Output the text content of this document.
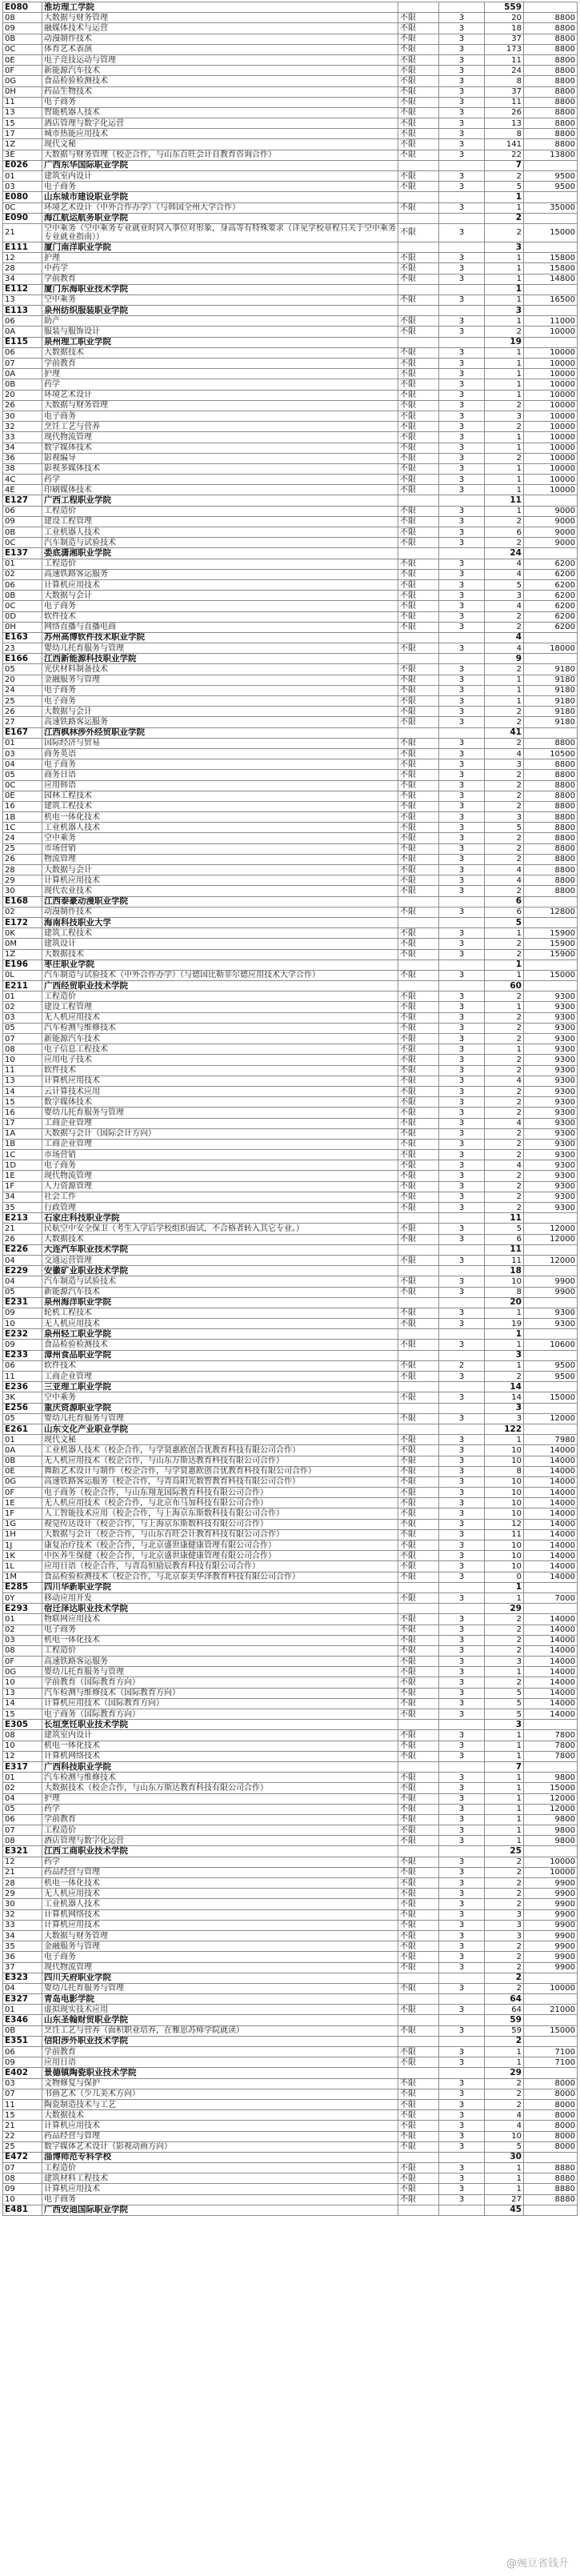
E080	淮坊理工学院			559	
08	大数据与财务管理	不限	3	20	8800
09	融媒体技术与运营	不限	3	18	8800
0B	动漫制作技术	不限	3	37	8800
0C	体育艺术表演	不限	3	173	8800
0E	电子竞技运动与管理	不限	3	11	8800
0F	新能源汽车技术	不限	3	24	8800
0G	食品检验检测技术	不限	3	8	8800
0H	药品生物技术	不限	3	37	8800
11	电子商务	不限	3	11	8800
13	智能机器人技术	不限	3	26	8800
15	酒店管理与数字化运营	不限	3	13	8800
17	城市热能应用技术	不限	3	8	8800
1Z	现代文秘	不限	3	141	8800
3E	大数据与财务管理（校企合作，与山东百旺会计自教育咨询合作）	不限	3	22	13800
E026	广西东华国际职业学院			7	
01	建筑室内设计	不限	3	2	9500
03	电子商务	不限	3	5	9500
E080	山东城市建设职业学院			1	
0C	环境艺术设计（中外合作办学）（与韩国全州大学合作）	不限	3	1	35000
E090	海江航运航务职业学院			2	
21	空中乘务（空中乘务专业就业时同入事位对形象，身高等有特殊要求（详见学校章程只关于空中乘务专业就业指南））	不限	3	2	15000
E111	厦门南洋职业学院			3	
12	护理	不限	3	1	15800
28	中药学	不限	3	1	15800
34	学前教育	不限	3	1	14800
E112	厦门东海职业技术学院			1	
13	空中乘务	不限	3	1	16500
E113	泉州纺织服装职业学院			3	
06	助产	不限	3	1	11000
0A	服装与服饰设计	不限	3	2	10000
E115	泉州理工职业学院			19	
06	大数据技术	不限	3	1	10000
07	学前教育	不限	3	1	10000
0A	护理	不限	3	1	10000
0B	药学	不限	3	1	10000
20	环境艺术设计	不限	3	1	10000
26	大数据与财务管理	不限	3	2	10000
30	电子商务	不限	3	3	10000
32	烹饪工艺与营养	不限	3	2	10000
33	现代物流管理	不限	3	1	10000
34	数字媒体技术	不限	3	1	10000
36	影视编导	不限	3	2	10000
38	影视多媒体技术	不限	3	1	10000
4C	药学	不限	3	1	10000
4E	印刷媒体技术	不限	3	1	10000
E127	广西工程职业学院			11	
06	工程造价	不限	3	1	9000
09	建设工程管理	不限	3	2	9000
0B	工业机器人技术	不限	3	6	9000
0C	汽车制造与试验技术	不限	3	2	9000
E137	娄底潇湘职业学院			24	
01	工程造价	不限	3	4	6200
02	高速铁路客运服务	不限	3	4	6200
06	计算机应用技术	不限	3	5	6200
0B	大数据与会计	不限	3	3	6200
0C	电子商务	不限	3	4	6200
0D	软件技术	不限	3	2	6200
0H	网络直播与直播电商	不限	3	2	6200
E163	苏州高博软件技术职业学院			4	
23	婴幼儿托育服务与管理	不限	3	4	18000
E166	江西新能源科技职业学院			9	
05	光伏材料制备技术	不限	3	2	9180
20	金融服务与管理	不限	3	1	9180
24	电子商务	不限	3	1	9180
25	电子商务	不限	3	1	9180
26	大数据与会计	不限	3	2	9180
27	高速铁路客运服务	不限	3	2	9180
E167	江西枫林涉外经贸职业学院			41	
01	国际经济与贸易	不限	3	2	8800
03	商务英语	不限	3	4	10500
04	电子商务	不限	3	3	8800
05	商务日语	不限	3	2	8800
0C	应用韩语	不限	3	2	8800
0E	园林工程技术	不限	3	2	8800
16	建筑工程技术	不限	3	2	8800
1B	机电一体化技术	不限	3	3	8800
1C	工业机器人技术	不限	3	5	8800
24	空中乘务	不限	3	2	8800
25	市场营销	不限	3	2	8800
26	物流管理	不限	3	2	8800
28	大数据与会计	不限	3	4	8800
29	计算机应用技术	不限	3	4	8800
30	现代农业技术	不限	3	2	8800
E168	江西泰豪动漫职业学院			6	
02	动漫制作技术	不限	3	6	12800
E172	海南科技职业大学			5	
0K	建筑工程技术	不限	3	1	15900
0M	建筑设计	不限	3	2	15900
1Z	大数据技术	不限	3	2	15900
E196	枣庄职业学院			1	
0L	汽车制造与试验技术（中外合作办学）（与德国比勒菲尔德应用技术大学合作）	不限	3	1	15000
E211	广西经贸职业技术学院			60	
01	工程造价	不限	3	2	9300
02	建设工程管理	不限	3	1	9300
03	无人机应用技术	不限	3	2	9300
05	汽车检测与维修技术	不限	3	2	9300
07	新能源汽车技术	不限	3	2	9300
08	电子信息工程技术	不限	3	1	9300
10	应用电子技术	不限	3	2	9300
11	软件技术	不限	3	2	9300
13	计算机应用技术	不限	3	4	9300
14	云计算技术应用	不限	3	2	9300
15	数字媒体技术	不限	3	2	9300
16	婴幼儿托育服务与管理	不限	3	2	9300
17	工商企业管理	不限	3	4	9300
1A	大数据与会计（国际会计方向）	不限	3	2	9300
1B	工商企业管理	不限	3	2	9300
1C	市场营销	不限	3	2	9300
1D	电子商务	不限	3	4	9300
1E	现代物流管理	不限	3	2	9300
1F	人力资源管理	不限	3	2	9300
34	社会工作	不限	3	2	9300
35	行政管理	不限	3	2	9300
E213	石家庄科技职业学院			11	
21	民航空中安全保卫（考生入学后学校组织面试，不合格者转入其它专业。）	不限	3	5	12000
26	大数据技术	不限	3	6	12000
E226	大连汽车职业技术学院			11	
04	交通运营管理	不限	3	11	12000
E229	安徽矿业职业技术学院			18	
04	汽车制造与试验技术	不限	3	10	9900
05	新能源汽车技术	不限	3	8	9900
E231	泉州海洋职业学院			20	
09	轮机工程技术	不限	3	1	9300
10	无人机应用技术	不限	3	19	9300
E232	泉州轻工职业学院			1	
09	食品检验检测技术	不限	3	1	10600
E233	漳州食品职业学院			3	
06	软件技术	不限	2	1	9500
11	工商企业管理	不限	3	2	9500
E236	三亚理工职业学院			14	
3K	空中乘务	不限	3	14	15000
E256	重庆资源职业学院			3	
05	婴幼儿托育服务与管理	不限	3	3	12000
E261	山东文化产业职业学院			122	
01	现代文秘	不限	3	1	7980
0A	工业机器人技术（校企合作，与学贤惠欧创合优教育科技有限公司合作）	不限	3	10	14000
0B	无人机应用技术（校企合作，与山东万斯达教育科技有限公司合作）	不限	3	10	14000
0E	舞蹈艺术设计与制作（校企合作，与学贤惠欧创合优教育科技有限公司合作）	不限	3	8	14000
0G	高速铁路客运服务（校企合作，与青岛阳光数智教育科技有限公司合作）	不限	3	10	14000
0F	电子商务（校企合作，与山东翔龙国际教育科技有限公司合作）	不限	3	10	14000
1E	无人机应用技术（校企合作，与北京布马加科技有限公司合作）	不限	3	10	14000
1F	人工智能技术应用（校企合作，与上海京东斯数科技有限公司合作）	不限	3	10	14000
1G	视觉传达设计（校企合作，与上海京东斯数科技有限公司合作）	不限	3	12	14000
1H	大数据与会计（校企合作，与山东百旺会计教育科技有限公司合作）	不限	3	11	14000
1J	康复治疗技术（校企合作，与北京盛世康健康管理有限公司合作）	不限	3	10	14000
1K	中医养生保健（校企合作，与北京盛世康健康管理有限公司合作）	不限	3	10	14000
1L	应用日语（校企合作，与青岛恒励辰教育科技有限公司合作）	不限	3	10	14000
1M	食品检验检测技术（校企合作，与北京泰美华泽教育科技有限公司合作）	不限	3	0	14000
E285	四川华新职业学院			1	
0Y	移动应用开发	不限	3	1	7000
E293	宿迁泽达职业技术学院			29	
01	物联网应用技术	不限	3	2	14000
02	电子商务	不限	3	2	14000
03	机电一体化技术	不限	3	2	14000
08	工程造价	不限	3	2	14000
0F	高速铁路客运服务	不限	3	3	14000
0G	婴幼儿托育服务与管理	不限	3	1	14000
10	学前教育（国际教育方向）	不限	3	2	14000
13	汽车检测与维修技术（国际教育方向）	不限	3	5	14000
14	计算机应用技术（国际教育方向）	不限	3	5	14000
15	电子商务（国际教育方向）	不限	3	5	14000
E305	长垣烹饪职业技术学院			3	
08	建筑室内设计	不限	3	1	7800
10	机电一体化技术	不限	3	1	7800
12	计算机网络技术	不限	3	1	7800
E317	广西科技职业学院			7	
01	汽车检测与维修技术	不限	3	1	9800
02	大数据技术（校企合作，与山东万斯达教育科技有限公司合作）	不限	3	1	15000
04	护理	不限	3	1	12000
05	药学	不限	3	1	12000
06	学前教育	不限	3	1	9800
07	工程造价	不限	3	1	9800
08	酒店管理与数字化运营	不限	3	1	9800
E321	江西工商职业技术学院			25	
12	药学	不限	3	2	10000
21	药品经营与管理	不限	3	2	10000
28	机电一体化技术	不限	3	2	9900
29	无人机应用技术	不限	3	2	9900
30	工业机器人技术	不限	3	2	9900
32	计算机网络技术	不限	3	3	9900
33	计算机应用技术	不限	3	3	9900
34	大数据与财务管理	不限	3	3	9900
35	金融服务与管理	不限	3	2	9900
36	电子商务	不限	3	2	9900
37	现代物流管理	不限	3	2	9900
E323	四川天府职业学院			2	
04	婴幼儿托育服务与管理	不限	3	2	10000
E327	青岛电影学院			64	
01	虚拟现实技术应用	不限	3	64	21000
E346	山东圣翰财贸职业学院			59	
0B	烹饪工艺与营养（面积职业培养，在雅思苏师学院就读）	不限	3	59	15000
E351	信阳涉外职业技术学院			2	
06	学前教育	不限	3	1	7100
09	应用日语	不限	3	1	7100
E402	景德镇陶瓷职业技术学院			29	
03	文物修复与保护	不限	3	2	8000
07	书画艺术（少儿美术方向）	不限	3	2	8000
11	陶瓷制造技术与工艺	不限	3	2	8000
15	大数据技术	不限	3	4	8000
21	计算机应用技术	不限	3	4	8000
22	药品经营与管理	不限	3	10	8000
25	数字媒体艺术设计（影视动画方向）	不限	3	5	8000
E472	淄博师范专科学校			30	
07	工程造价	不限	3	1	8880
08	建筑材料工程技术	不限	3	1	8880
09	计算机应用技术	不限	3	1	8880
10	电子商务	不限	3	27	8880
E481	广西安迪国际职业学院			45	
@豌豆省钱升
